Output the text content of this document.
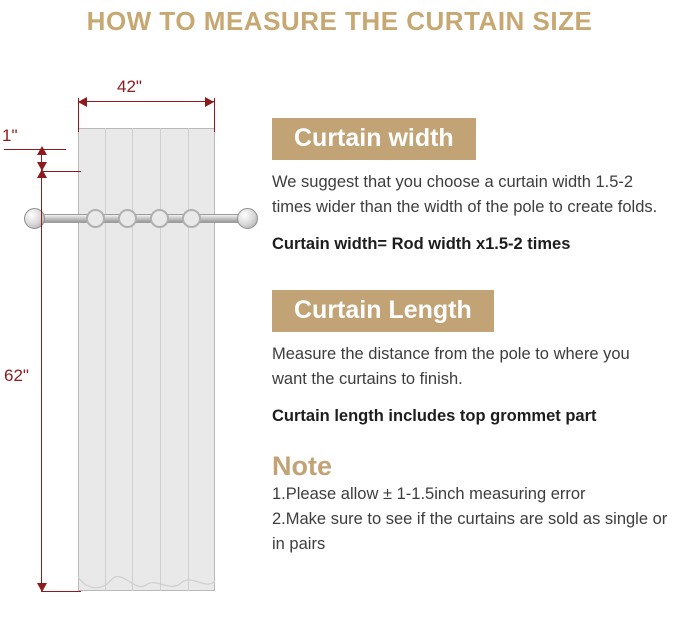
HOW TO MEASURE THE CURTAIN SIZE
42"
1"
62"
Curtain width
We suggest that you choose a curtain width 1.5-2 times wider than the width of the pole to create folds.
Curtain width= Rod width x1.5-2 times
Curtain Length
Measure the distance from the pole to where you want the curtains to finish.
Curtain length includes top grommet part
Note
1.Please allow ± 1-1.5inch measuring error
2.Make sure to see if the curtains are sold as single or in pairs
